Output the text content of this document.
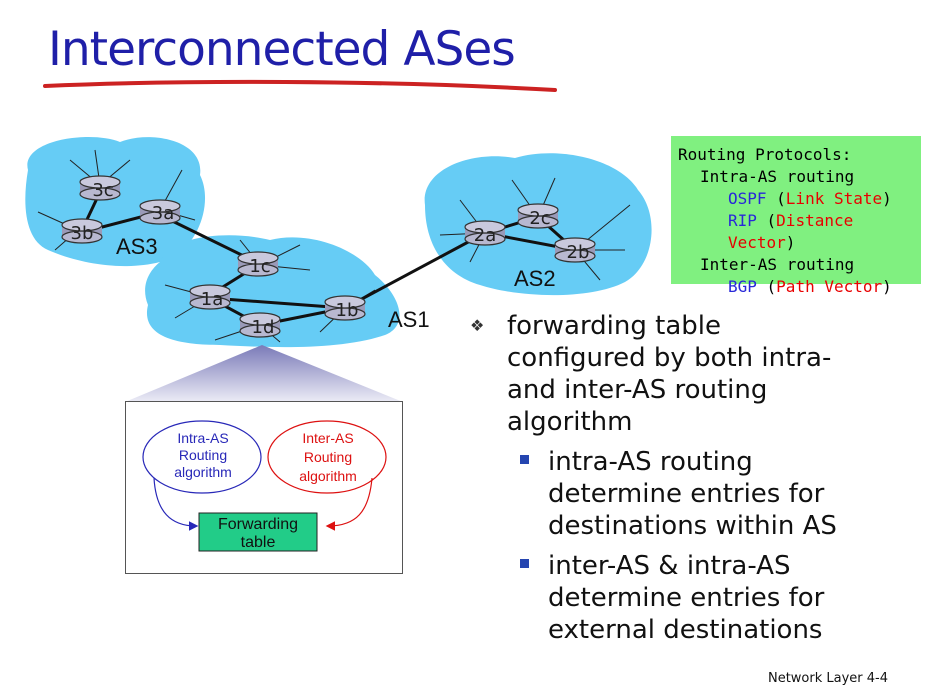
Interconnected ASes
3c
3b
3a
1c
1a
1d
1b
2a
2c
2b
AS3
AS1
AS2
Intra-AS
Routing
algorithm
Inter-AS
Routing
algorithm
Forwarding
table
Routing Protocols:
Intra-AS routing
OSPF (Link State)
RIP (Distance Vector)
Inter-AS routing
BGP (Path Vector)
❖ forwarding table configured by both intra- and inter-AS routing algorithm
intra-AS routing determine entries for destinations within AS
inter-AS & intra-AS determine entries for external destinations
Network Layer 4-4
